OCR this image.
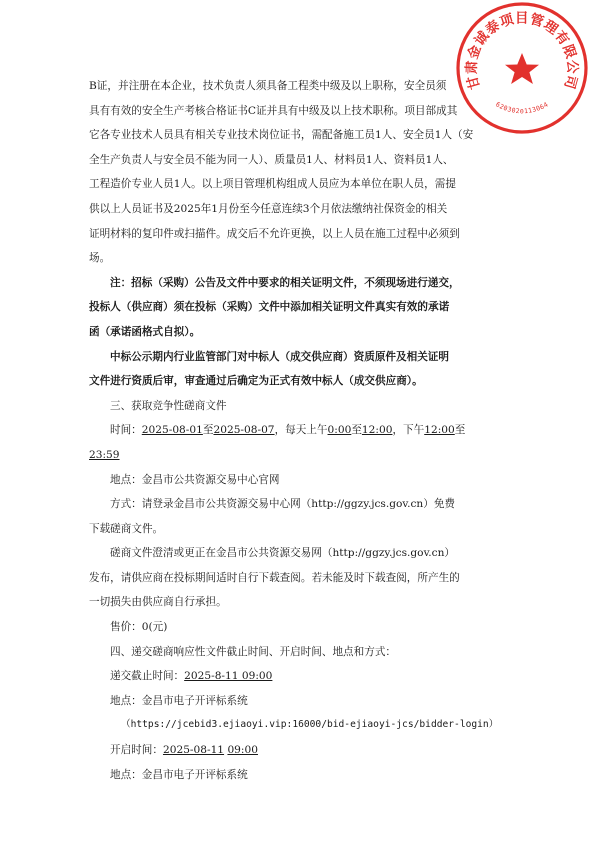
B证，并注册在本企业，技术负责人须具备工程类中级及以上职称，安全员须
具有有效的安全生产考核合格证书C证并具有中级及以上技术职称。项目部成其
它各专业技术人员具有相关专业技术岗位证书，需配备施工员1人、安全员1人（安
全生产负责人与安全员不能为同一人）、质量员1人、材料员1人、资料员1人、
工程造价专业人员1人。以上项目管理机构组成人员应为本单位在职人员，需提
供以上人员证书及2025年1月份至今任意连续3个月依法缴纳社保资金的相关
证明材料的复印件或扫描件。成交后不允许更换，以上人员在施工过程中必须到
场。
注：招标（采购）公告及文件中要求的相关证明文件，不须现场进行递交，
投标人（供应商）须在投标（采购）文件中添加相关证明文件真实有效的承诺
函（承诺函格式自拟）。
中标公示期内行业监管部门对中标人（成交供应商）资质原件及相关证明
文件进行资质后审，审查通过后确定为正式有效中标人（成交供应商）。
三、获取竞争性磋商文件
时间：2025-08-01至2025-08-07，每天上午0:00至12:00，下午12:00至
23:59
地点：金昌市公共资源交易中心官网
方式：请登录金昌市公共资源交易中心网（http://ggzy.jcs.gov.cn）免费
下载磋商文件。
磋商文件澄清或更正在金昌市公共资源交易网（http://ggzy.jcs.gov.cn）
发布，请供应商在投标期间适时自行下载查阅。若未能及时下载查阅，所产生的
一切损失由供应商自行承担。
售价：0(元)
四、递交磋商响应性文件截止时间、开启时间、地点和方式：
递交截止时间：2025-8-11 09:00
地点：金昌市电子开评标系统
（https://jcebid3.ejiaoyi.vip:16000/bid-ejiaoyi-jcs/bidder-login）
开启时间：2025-08-11 09:00
地点：金昌市电子开评标系统
甘肃金诚泰项目管理有限公司
6203020113064
